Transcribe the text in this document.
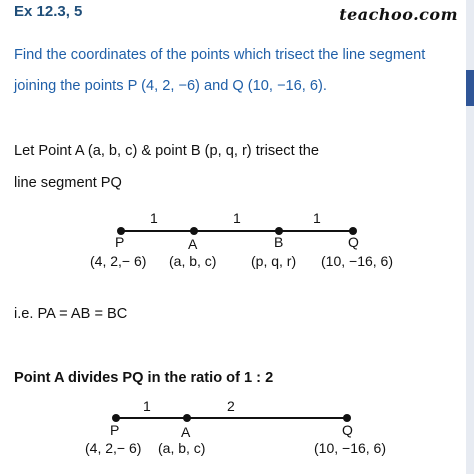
Ex 12.3, 5	teachoo.com
Find the coordinates of the points which trisect the line segment
joining the points P (4, 2, −6) and Q (10, −16, 6).
Let Point A (a, b, c) & point B (p, q, r) trisect the
line segment PQ
1	1	1
P	A	B	Q
(4, 2,− 6) (a, b, c) (p, q, r) (10, −16, 6)
1	2
P	A	Q
(4, 2,− 6) (a, b, c)	(10, −16, 6)
i.e. PA = AB = BC
Point A divides PQ in the ratio of 1 : 2
